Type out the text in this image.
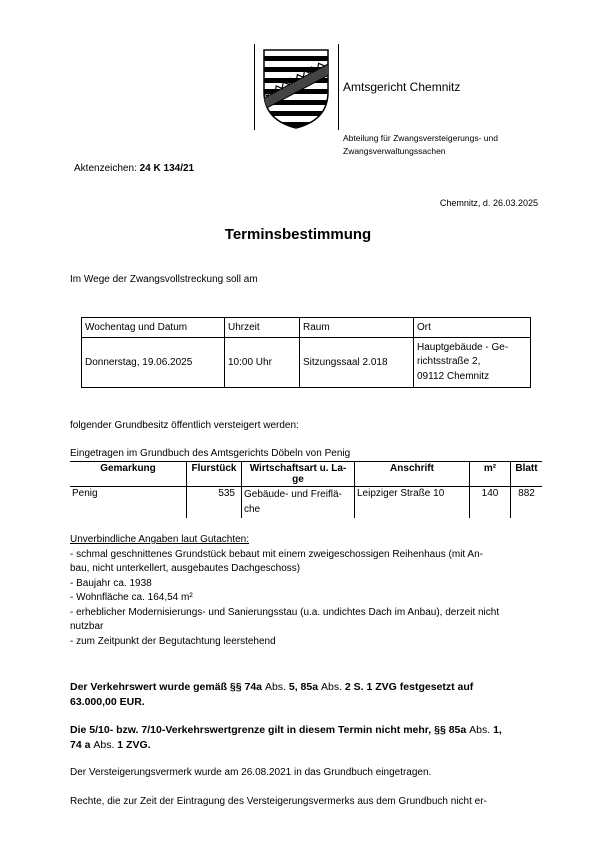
Amtsgericht Chemnitz
Abteilung für Zwangsversteigerungs- und
Zwangsverwaltungssachen
Aktenzeichen: 24 K 134/21
Chemnitz, d. 26.03.2025
Terminsbestimmung
Im Wege der Zwangsvollstreckung soll am
Wochentag und Datum	Uhrzeit	Raum	Ort
Donnerstag, 19.06.2025	10:00 Uhr	Sitzungssaal 2.018	Hauptgebäude - Ge-
richtsstraße 2,
09112 Chemnitz
folgender Grundbesitz öffentlich versteigert werden:
Eingetragen im Grundbuch des Amtsgerichts Döbeln von Penig
Gemarkung	Flurstück	Wirtschaftsart u. La-
ge	Anschrift	m²	Blatt
Penig	535	Gebäude- und Freiflä-
che	Leipziger Straße 10	140	882
Unverbindliche Angaben laut Gutachten:
- schmal geschnittenes Grundstück bebaut mit einem zweigeschossigen Reihenhaus (mit An-
bau, nicht unterkellert, ausgebautes Dachgeschoss)
- Baujahr ca. 1938
- Wohnfläche ca. 164,54 m²
- erheblicher Modernisierungs- und Sanierungsstau (u.a. undichtes Dach im Anbau), derzeit nicht
nutzbar
- zum Zeitpunkt der Begutachtung leerstehend
Der Verkehrswert wurde gemäß §§ 74a Abs. 5, 85a Abs. 2 S. 1 ZVG festgesetzt auf
63.000,00 EUR.
Die 5/10- bzw. 7/10-Verkehrswertgrenze gilt in diesem Termin nicht mehr, §§ 85a Abs. 1,
74 a Abs. 1 ZVG.
Der Versteigerungsvermerk wurde am 26.08.2021 in das Grundbuch eingetragen.
Rechte, die zur Zeit der Eintragung des Versteigerungsvermerks aus dem Grundbuch nicht er-
